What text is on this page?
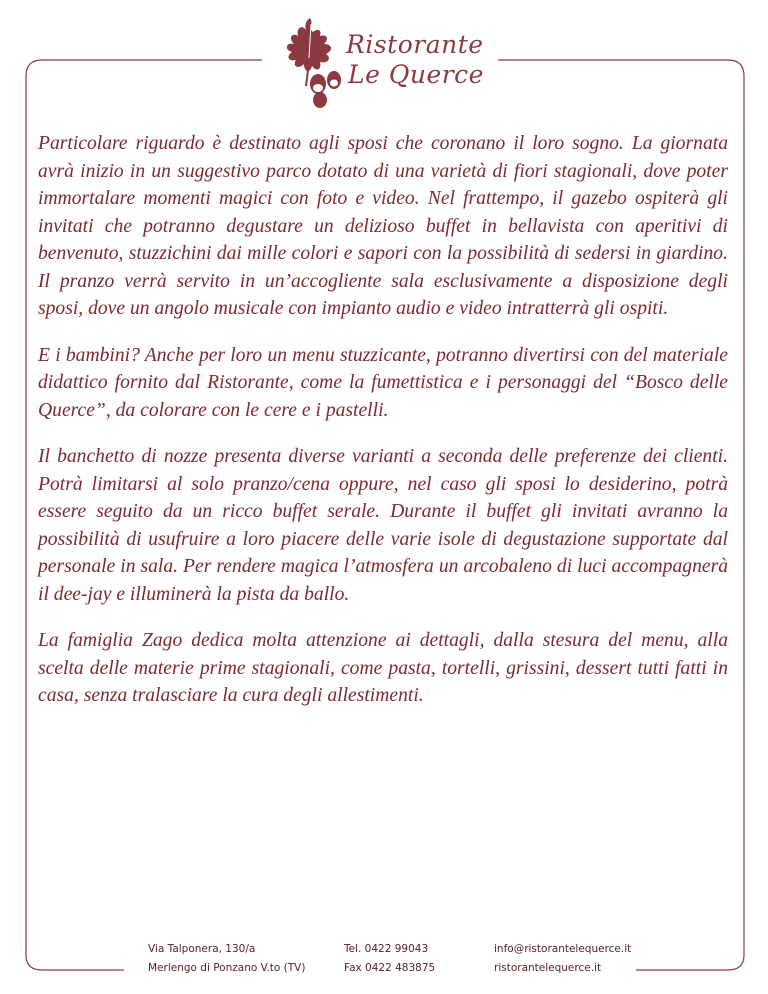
Ristorante
Le Querce

Particolare riguardo è destinato agli sposi che coronano il loro sogno. La giornata avrà inizio in un suggestivo parco dotato di una varietà di fiori stagionali, dove poter immortalare momenti magici con foto e video. Nel frattempo, il gazebo ospiterà gli invitati che potranno degustare un delizioso buffet in bellavista con aperitivi di benvenuto, stuzzichini dai mille colori e sapori con la possibilità di sedersi in giardino. Il pranzo verrà servito in un’accogliente sala esclusivamente a disposizione degli sposi, dove un angolo musicale con impianto audio e video intratterrà gli ospiti.

E i bambini? Anche per loro un menu stuzzicante, potranno divertirsi con del materiale didattico fornito dal Ristorante, come la fumettistica e i personaggi del “Bosco delle Querce”, da colorare con le cere e i pastelli.

Il banchetto di nozze presenta diverse varianti a seconda delle preferenze dei clienti. Potrà limitarsi al solo pranzo/cena oppure, nel caso gli sposi lo desiderino, potrà essere seguito da un ricco buffet serale. Durante il buffet gli invitati avranno la possibilità di usufruire a loro piacere delle varie isole di degustazione supportate dal personale in sala. Per rendere magica l’atmosfera un arcobaleno di luci accompagnerà il dee-jay e illuminerà la pista da ballo.

La famiglia Zago dedica molta attenzione ai dettagli, dalla stesura del menu, alla scelta delle materie prime stagionali, come pasta, tortelli, grissini, dessert tutti fatti in casa, senza tralasciare la cura degli allestimenti.

Via Talponera, 130/a
Merlengo di Ponzano V.to (TV)
Tel. 0422 99043
Fax 0422 483875
info@ristorantelequerce.it
ristorantelequerce.it
